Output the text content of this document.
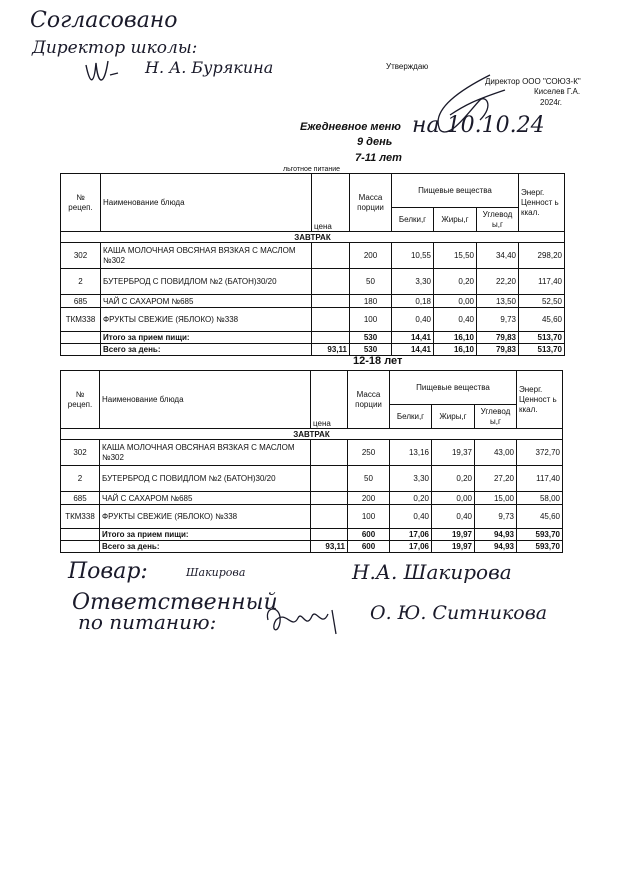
Согласовано
Директор школы:
Н. А. Бурякина	Утверждаю
Директор ООО "СОЮЗ-К"
Киселев Г.А.
2024г.
Ежедневное меню на 10.10.24
9 день
7-11 лет
льготное питание
№ рецеп.	Наименование блюда	цена	Масса порции	Пищевые вещества			Энерг. Ценност ь ккал.
				Белки,г	Жиры,г	Углевод ы,г	
ЗАВТРАК							
302	КАША МОЛОЧНАЯ ОВСЯНАЯ ВЯЗКАЯ С МАСЛОМ №302		200	10,55	15,50	34,40	298,20
2	БУТЕРБРОД С ПОВИДЛОМ №2 (БАТОН)30/20		50	3,30	0,20	22,20	117,40
685	ЧАЙ С САХАРОМ №685		180	0,18	0,00	13,50	52,50
ТКМ338	ФРУКТЫ СВЕЖИЕ (ЯБЛОКО) №338		100	0,40	0,40	9,73	45,60
	Итого за прием пищи:		530	14,41	16,10	79,83	513,70
	Всего за день:	93,11	530	14,41	16,10	79,83	513,70
12-18 лет
№ рецеп.	Наименование блюда	цена	Масса порции	Пищевые вещества			Энерг. Ценност ь ккал.
				Белки,г	Жиры,г	Углевод ы,г	
ЗАВТРАК							
302	КАША МОЛОЧНАЯ ОВСЯНАЯ ВЯЗКАЯ С МАСЛОМ №302		250	13,16	19,37	43,00	372,70
2	БУТЕРБРОД С ПОВИДЛОМ №2 (БАТОН)30/20		50	3,30	0,20	27,20	117,40
685	ЧАЙ С САХАРОМ №685		200	0,20	0,00	15,00	58,00
ТКМ338	ФРУКТЫ СВЕЖИЕ (ЯБЛОКО) №338		100	0,40	0,40	9,73	45,60
	Итого за прием пищи:		600	17,06	19,97	94,93	593,70
	Всего за день:	93,11	600	17,06	19,97	94,93	593,70
Повар:	Шакирова	Н.А. Шакирова
Ответственный
по питанию:	О. Ю. Ситникова
